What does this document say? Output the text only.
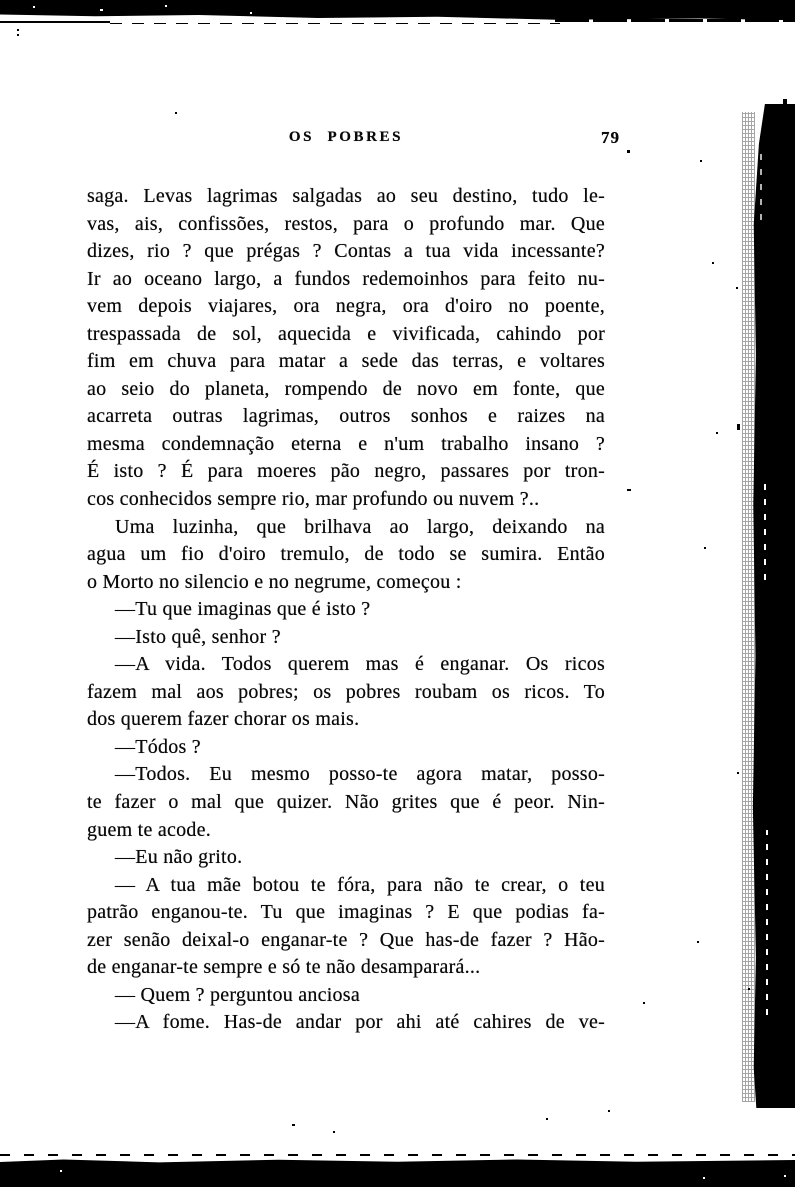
OS POBRES	79
saga. Levas lagrimas salgadas ao seu destino, tudo le-
vas, ais, confissões, restos, para o profundo mar. Que
dizes, rio ? que prégas ? Contas a tua vida incessante?
Ir ao oceano largo, a fundos redemoinhos para feito nu-
vem depois viajares, ora negra, ora d'oiro no poente,
trespassada de sol, aquecida e vivificada, cahindo por
fim em chuva para matar a sede das terras, e voltares
ao seio do planeta, rompendo de novo em fonte, que
acarreta outras lagrimas, outros sonhos e raizes na
mesma condemnação eterna e n'um trabalho insano ?
É isto ? É para moeres pão negro, passares por tron-
cos conhecidos sempre rio, mar profundo ou nuvem ?..
Uma luzinha, que brilhava ao largo, deixando na
agua um fio d'oiro tremulo, de todo se sumira. Então
o Morto no silencio e no negrume, começou :
—Tu que imaginas que é isto ?
—Isto quê, senhor ?
—A vida. Todos querem mas é enganar. Os ricos
fazem mal aos pobres; os pobres roubam os ricos. To
dos querem fazer chorar os mais.
—Tódos ?
—Todos. Eu mesmo posso-te agora matar, posso-
te fazer o mal que quizer. Não grites que é peor. Nin-
guem te acode.
—Eu não grito.
— A tua mãe botou te fóra, para não te crear, o teu
patrão enganou-te. Tu que imaginas ? E que podias fa-
zer senão deixal-o enganar-te ? Que has-de fazer ? Hão-
de enganar-te sempre e só te não desamparará...
— Quem ? perguntou anciosa
—A fome. Has-de andar por ahi até cahires de ve-
